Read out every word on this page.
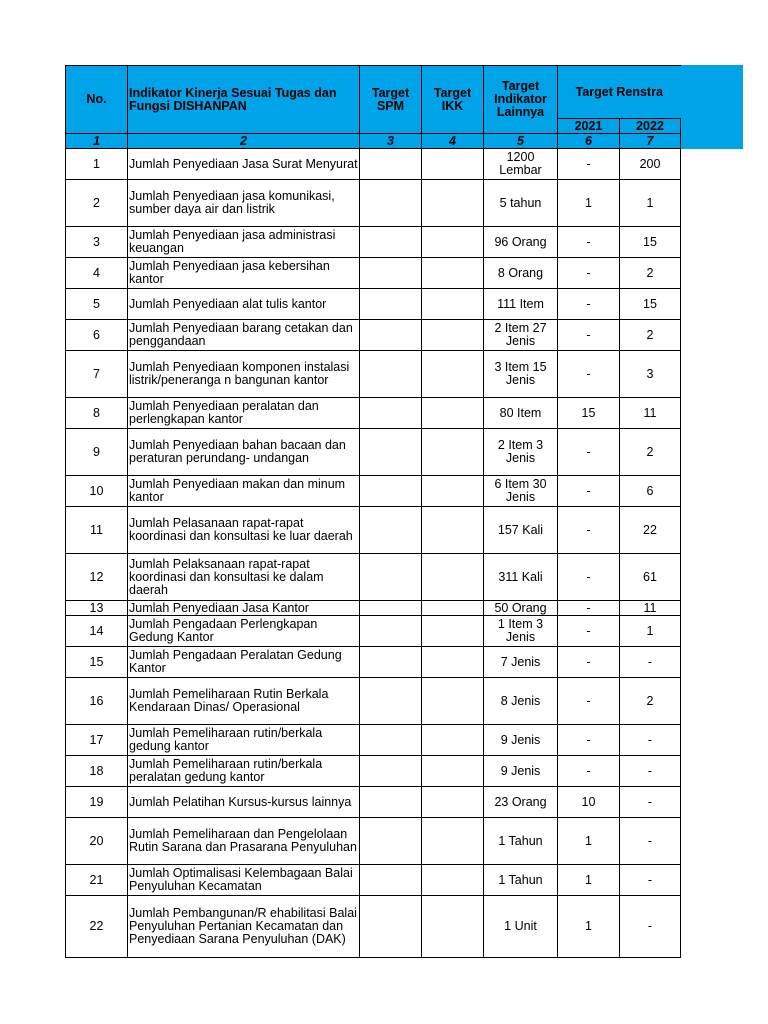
No.	Indikator Kinerja Sesuai Tugas dan Fungsi DISHANPAN	Target SPM	Target IKK	Target Indikator Lainnya	Target Renstra	
					2021	2022
1	2	3	4	5	6	7
1	Jumlah Penyediaan Jasa Surat Menyurat			1200 Lembar	-	200
2	Jumlah Penyediaan jasa komunikasi, sumber daya air dan listrik			5 tahun	1	1
3	Jumlah Penyediaan jasa administrasi keuangan			96 Orang	-	15
4	Jumlah Penyediaan jasa kebersihan kantor			8 Orang	-	2
5	Jumlah Penyediaan alat tulis kantor			111 Item	-	15
6	Jumlah Penyediaan barang cetakan dan penggandaan			2 Item 27 Jenis	-	2
7	Jumlah Penyediaan komponen instalasi listrik/peneranga n bangunan kantor			3 Item 15 Jenis	-	3
8	Jumlah Penyediaan peralatan dan perlengkapan kantor			80 Item	15	11
9	Jumlah Penyediaan bahan bacaan dan peraturan perundang- undangan			2 Item 3 Jenis	-	2
10	Jumlah Penyediaan makan dan minum kantor			6 Item 30 Jenis	-	6
11	Jumlah Pelasanaan rapat-rapat koordinasi dan konsultasi ke luar daerah			157 Kali	-	22
12	Jumlah Pelaksanaan rapat-rapat koordinasi dan konsultasi ke dalam daerah			311 Kali	-	61
13	Jumlah Penyediaan Jasa Kantor			50 Orang	-	11
14	Jumlah Pengadaan Perlengkapan Gedung Kantor			1 Item 3 Jenis	-	1
15	Jumlah Pengadaan Peralatan Gedung Kantor			7 Jenis	-	-
16	Jumlah Pemeliharaan Rutin Berkala Kendaraan Dinas/ Operasional			8 Jenis	-	2
17	Jumlah Pemeliharaan rutin/berkala gedung kantor			9 Jenis	-	-
18	Jumlah Pemeliharaan rutin/berkala peralatan gedung kantor			9 Jenis	-	-
19	Jumlah Pelatihan Kursus-kursus lainnya			23 Orang	10	-
20	Jumlah Pemeliharaan dan Pengelolaan Rutin Sarana dan Prasarana Penyuluhan			1 Tahun	1	-
21	Jumlah Optimalisasi Kelembagaan Balai Penyuluhan Kecamatan			1 Tahun	1	-
22	Jumlah Pembangunan/R ehabilitasi Balai Penyuluhan Pertanian Kecamatan dan Penyediaan Sarana Penyuluhan (DAK)			1 Unit	1	-
